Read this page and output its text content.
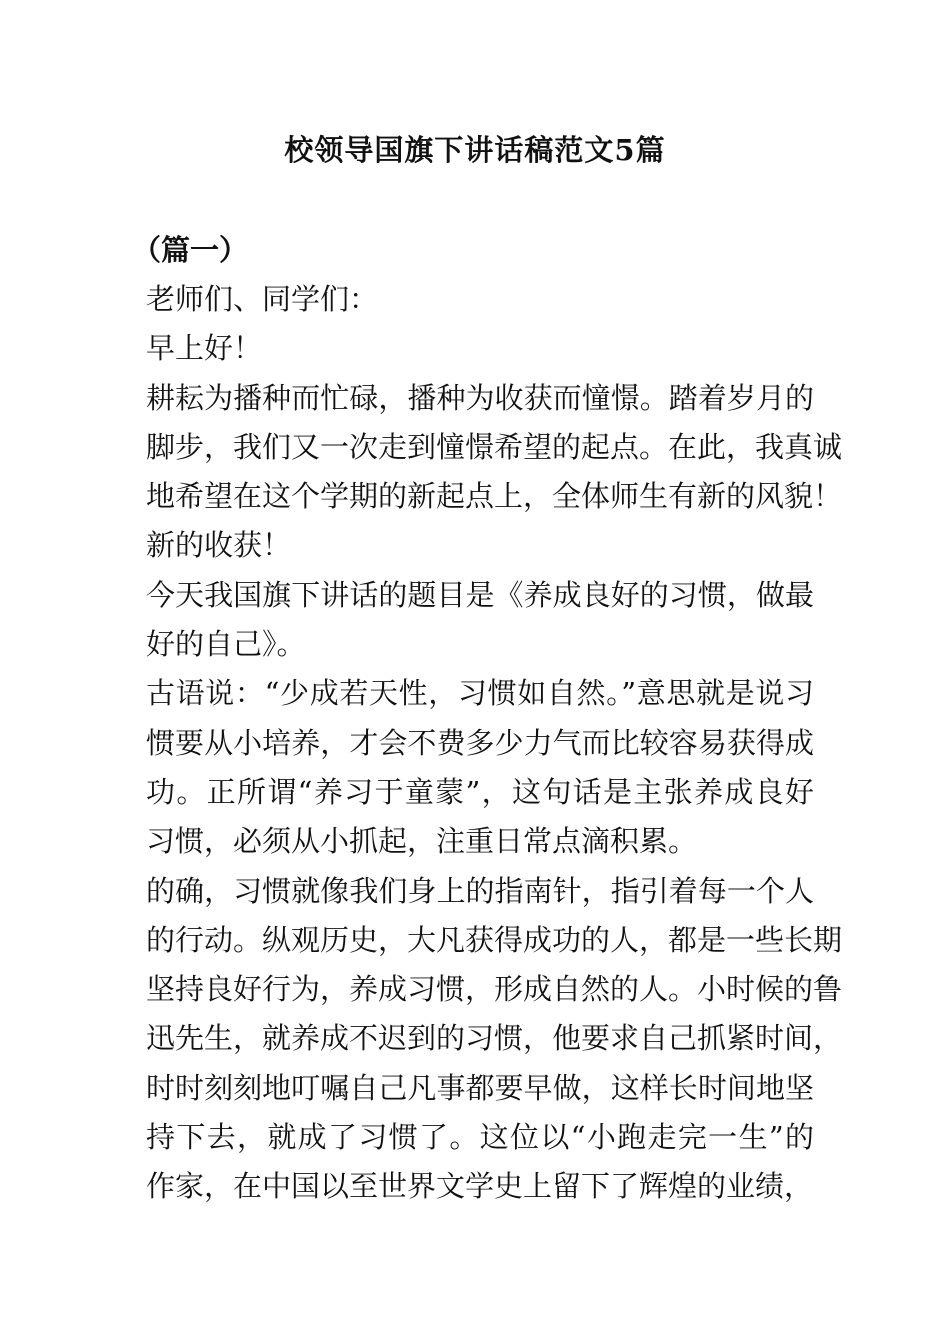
校领导国旗下讲话稿范文5篇
（篇一）

老师们、同学们：

早上好！

耕耘为播种而忙碌，播种为收获而憧憬。踏着岁月的
脚步，我们又一次走到憧憬希望的起点。在此，我真诚
地希望在这个学期的新起点上，全体师生有新的风貌！
新的收获！

今天我国旗下讲话的题目是《养成良好的习惯，做最
好的自己》。

古语说：“少成若天性，习惯如自然。”意思就是说习
惯要从小培养，才会不费多少力气而比较容易获得成
功。正所谓“养习于童蒙”，这句话是主张养成良好
习惯，必须从小抓起，注重日常点滴积累。

的确，习惯就像我们身上的指南针，指引着每一个人
的行动。纵观历史，大凡获得成功的人，都是一些长期
坚持良好行为，养成习惯，形成自然的人。小时候的鲁
迅先生，就养成不迟到的习惯，他要求自己抓紧时间，
时时刻刻地叮嘱自己凡事都要早做，这样长时间地坚
持下去，就成了习惯了。这位以“小跑走完一生”的
作家，在中国以至世界文学史上留下了辉煌的业绩，
